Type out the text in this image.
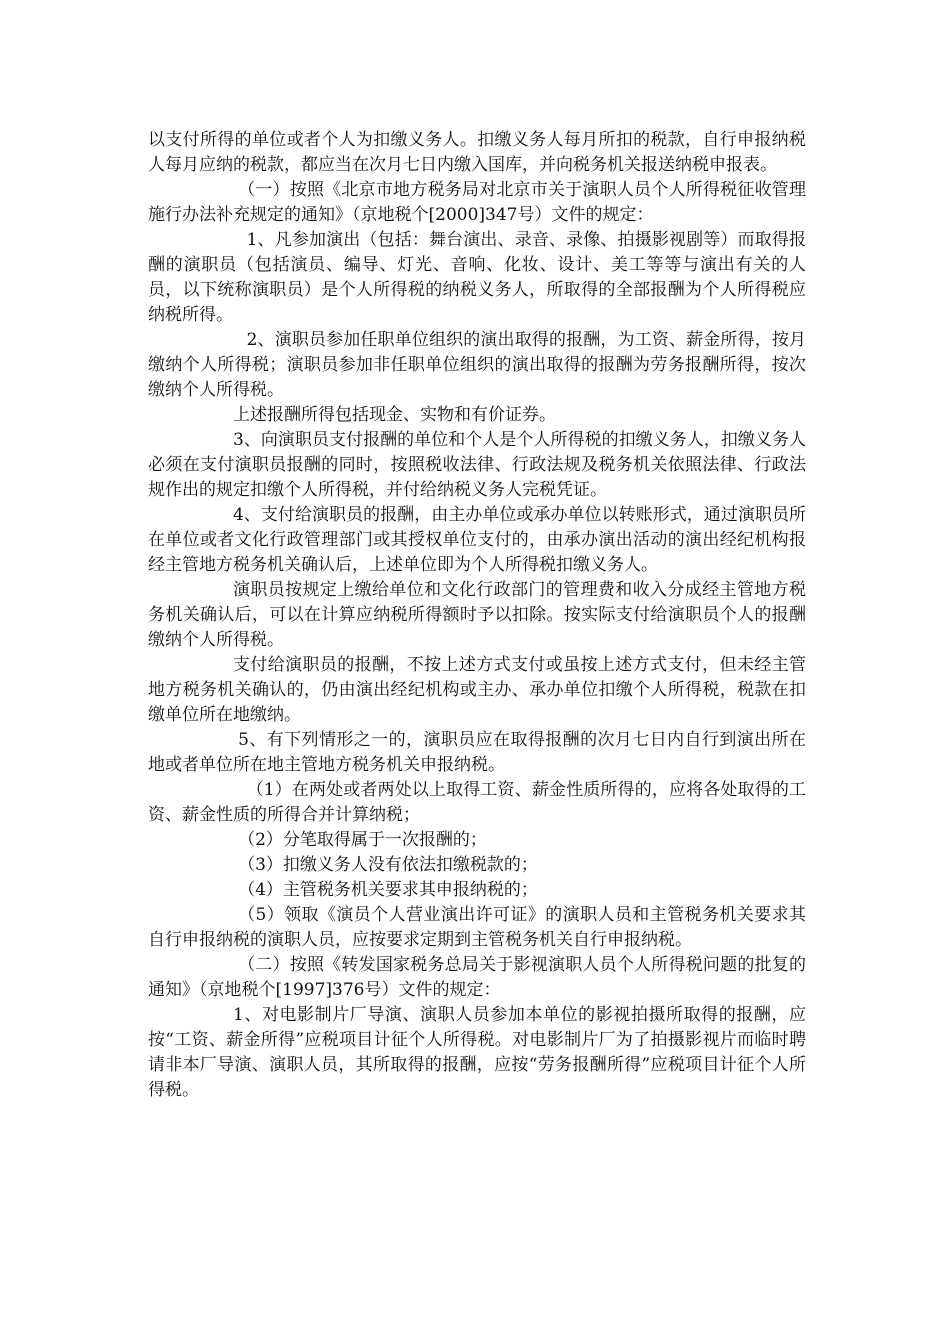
以支付所得的单位或者个人为扣缴义务人。扣缴义务人每月所扣的税款，自行申报纳税人每月应纳的税款，都应当在次月七日内缴入国库，并向税务机关报送纳税申报表。

（一）按照《北京市地方税务局对北京市关于演职人员个人所得税征收管理施行办法补充规定的通知》（京地税个[2000]347号）文件的规定：

1、凡参加演出（包括：舞台演出、录音、录像、拍摄影视剧等）而取得报酬的演职员（包括演员、编导、灯光、音响、化妆、设计、美工等等与演出有关的人员，以下统称演职员）是个人所得税的纳税义务人，所取得的全部报酬为个人所得税应纳税所得。

2、演职员参加任职单位组织的演出取得的报酬，为工资、薪金所得，按月缴纳个人所得税；演职员参加非任职单位组织的演出取得的报酬为劳务报酬所得，按次缴纳个人所得税。

上述报酬所得包括现金、实物和有价证券。

3、向演职员支付报酬的单位和个人是个人所得税的扣缴义务人，扣缴义务人必须在支付演职员报酬的同时，按照税收法律、行政法规及税务机关依照法律、行政法规作出的规定扣缴个人所得税，并付给纳税义务人完税凭证。

4、支付给演职员的报酬，由主办单位或承办单位以转账形式，通过演职员所在单位或者文化行政管理部门或其授权单位支付的，由承办演出活动的演出经纪机构报经主管地方税务机关确认后，上述单位即为个人所得税扣缴义务人。

演职员按规定上缴给单位和文化行政部门的管理费和收入分成经主管地方税务机关确认后，可以在计算应纳税所得额时予以扣除。按实际支付给演职员个人的报酬缴纳个人所得税。

支付给演职员的报酬，不按上述方式支付或虽按上述方式支付，但未经主管地方税务机关确认的，仍由演出经纪机构或主办、承办单位扣缴个人所得税，税款在扣缴单位所在地缴纳。

5、有下列情形之一的，演职员应在取得报酬的次月七日内自行到演出所在地或者单位所在地主管地方税务机关申报纳税。

（1）在两处或者两处以上取得工资、薪金性质所得的，应将各处取得的工资、薪金性质的所得合并计算纳税；

（2）分笔取得属于一次报酬的；

（3）扣缴义务人没有依法扣缴税款的；

（4）主管税务机关要求其申报纳税的；

（5）领取《演员个人营业演出许可证》的演职人员和主管税务机关要求其自行申报纳税的演职人员，应按要求定期到主管税务机关自行申报纳税。

（二）按照《转发国家税务总局关于影视演职人员个人所得税问题的批复的通知》（京地税个[1997]376号）文件的规定：

1、对电影制片厂导演、演职人员参加本单位的影视拍摄所取得的报酬，应按“工资、薪金所得”应税项目计征个人所得税。对电影制片厂为了拍摄影视片而临时聘请非本厂导演、演职人员，其所取得的报酬，应按“劳务报酬所得”应税项目计征个人所得税。
